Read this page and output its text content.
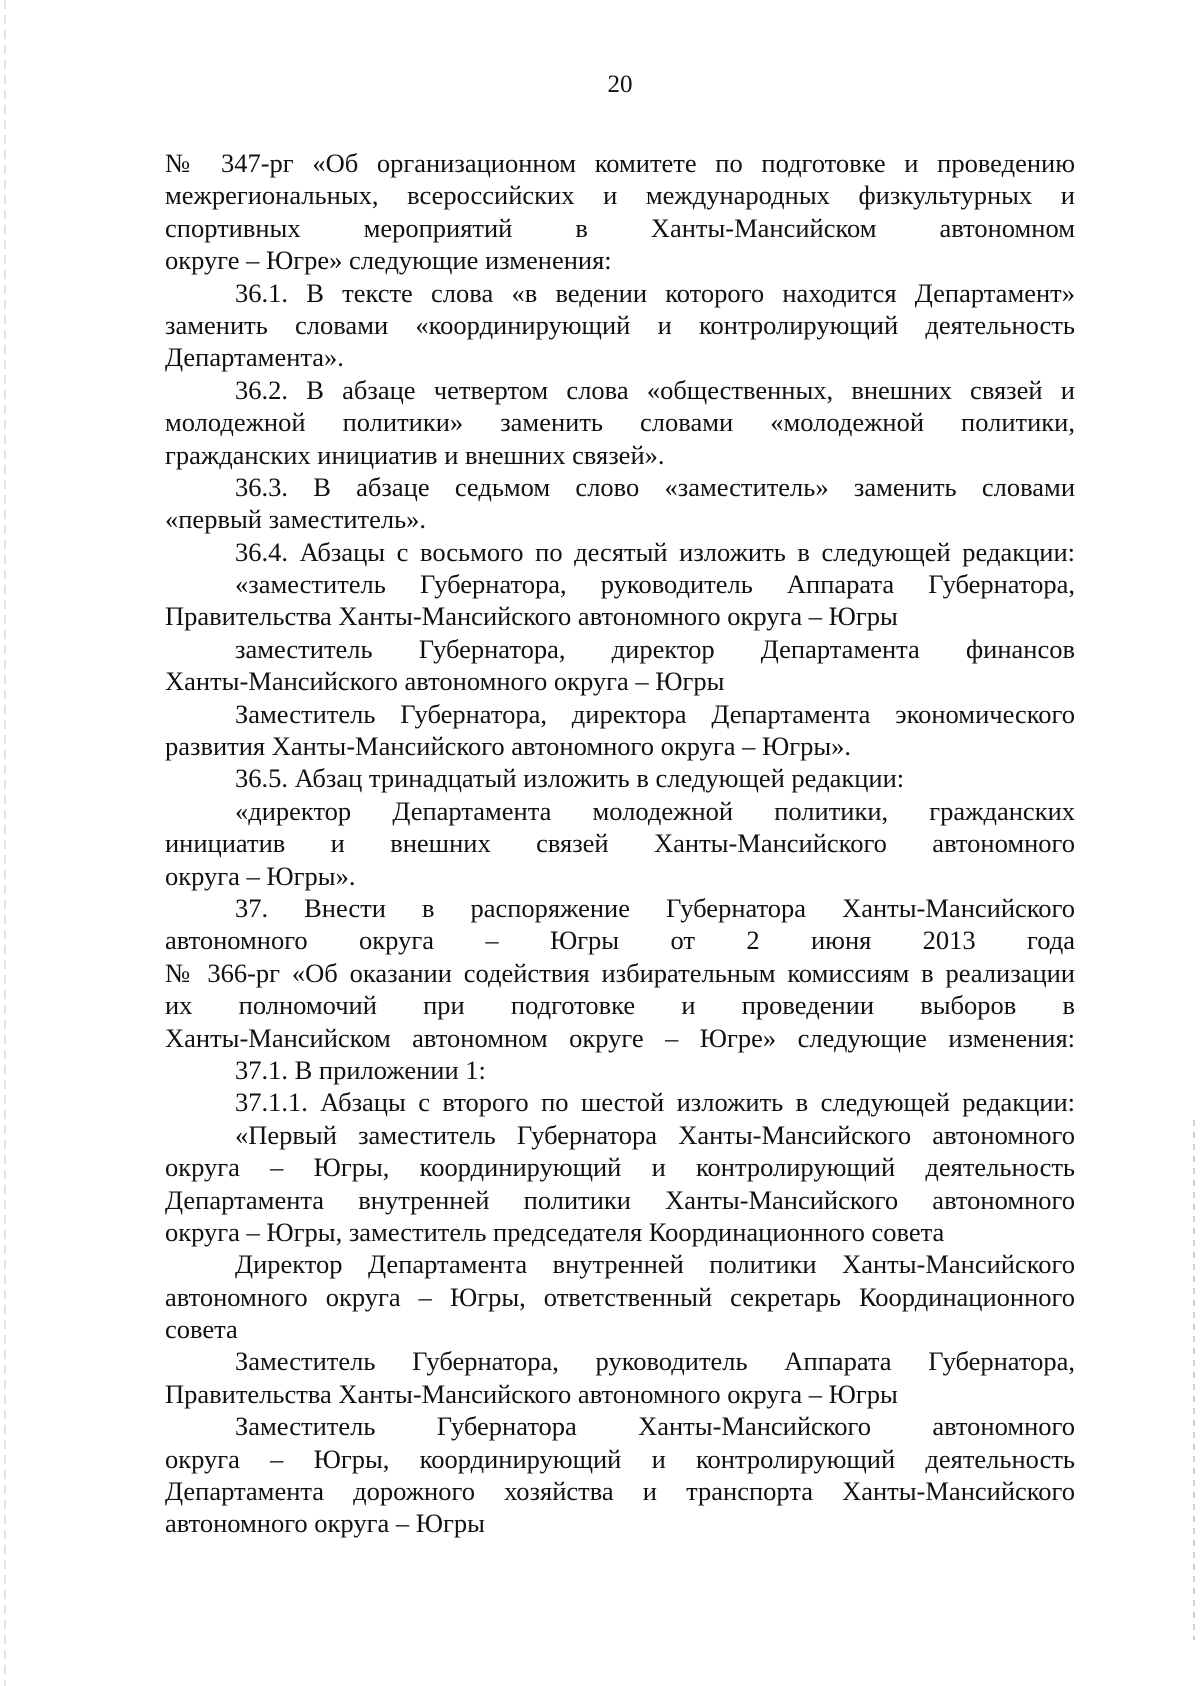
20
№ 347-рг «Об организационном комитете по подготовке и проведению
межрегиональных, всероссийских и международных физкультурных и
спортивных мероприятий в Ханты-Мансийском автономном
округе – Югре» следующие изменения:
36.1. В тексте слова «в ведении которого находится Департамент»
заменить словами «координирующий и контролирующий деятельность
Департамента».
36.2. В абзаце четвертом слова «общественных, внешних связей и
молодежной политики» заменить словами «молодежной политики,
гражданских инициатив и внешних связей».
36.3. В абзаце седьмом слово «заместитель» заменить словами
«первый заместитель».
36.4. Абзацы с восьмого по десятый изложить в следующей редакции:
«заместитель Губернатора, руководитель Аппарата Губернатора,
Правительства Ханты-Мансийского автономного округа – Югры
заместитель Губернатора, директор Департамента финансов
Ханты-Мансийского автономного округа – Югры
Заместитель Губернатора, директора Департамента экономического
развития Ханты-Мансийского автономного округа – Югры».
36.5. Абзац тринадцатый изложить в следующей редакции:
«директор Департамента молодежной политики, гражданских
инициатив и внешних связей Ханты-Мансийского автономного
округа – Югры».
37. Внести в распоряжение Губернатора Ханты-Мансийского
автономного округа – Югры от 2 июня 2013 года
№ 366-рг «Об оказании содействия избирательным комиссиям в реализации
их полномочий при подготовке и проведении выборов в
Ханты-Мансийском автономном округе – Югре» следующие изменения:
37.1. В приложении 1:
37.1.1. Абзацы с второго по шестой изложить в следующей редакции:
«Первый заместитель Губернатора Ханты-Мансийского автономного
округа – Югры, координирующий и контролирующий деятельность
Департамента внутренней политики Ханты-Мансийского автономного
округа – Югры, заместитель председателя Координационного совета
Директор Департамента внутренней политики Ханты-Мансийского
автономного округа – Югры, ответственный секретарь Координационного
совета
Заместитель Губернатора, руководитель Аппарата Губернатора,
Правительства Ханты-Мансийского автономного округа – Югры
Заместитель Губернатора Ханты-Мансийского автономного
округа – Югры, координирующий и контролирующий деятельность
Департамента дорожного хозяйства и транспорта Ханты-Мансийского
автономного округа – Югры
